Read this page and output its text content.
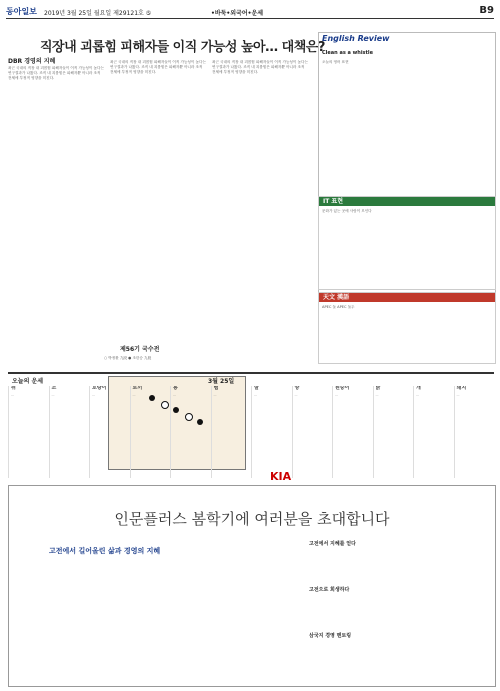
동아일보 2019년 3월 25일 월요일 제29121호 ⑤	•바둑•외국어•운세	B9
직장내 괴롭힘 피해자들 이직 가능성 높아… 대책은?
DBR 경영의 지혜

최근 국내의 직장 내 괴롭힘 피해자들이 이직 가능성이 높다는 연구결과가 나왔다. 조직 내 괴롭힘은 피해자뿐 아니라 조직 전체에 부정적 영향을 미친다.

최근 국내의 직장 내 괴롭힘 피해자들이 이직 가능성이 높다는 연구결과가 나왔다. 조직 내 괴롭힘은 피해자뿐 아니라 조직 전체에 부정적 영향을 미친다.

최근 국내의 직장 내 괴롭힘 피해자들이 이직 가능성이 높다는 연구결과가 나왔다. 조직 내 괴롭힘은 피해자뿐 아니라 조직 전체에 부정적 영향을 미친다.

English Review
Clean as a whistle

오늘의 영어 표현

IT 표현

문화가 있는 곳에 사람이 모인다

天文 漢語

APEC 둘 APEC 둘두

제56기 국수전
○ 박정환 九段 ● 조한승 九段
KIA
오늘의 운세	3월 25일
쥐
…
소
…
호랑이
…
토끼
…
용
…
뱀
…
말
…
양
…
원숭이
…
닭
…
개
…
돼지
…
인문플러스 봄학기에 여러분을 초대합니다
고전에서 길어올린 삶과 경영의 지혜
고전에서 지혜를 얻다
고전으로 희생하다
삼국지 경영 멘토링
